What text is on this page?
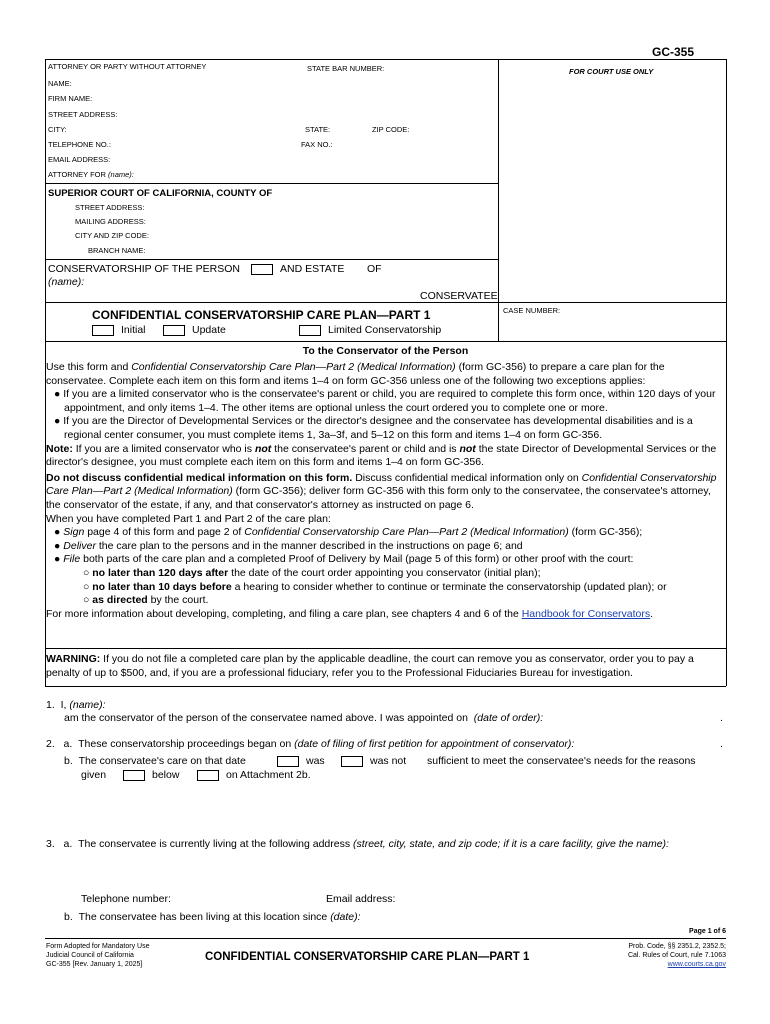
GC-355
ATTORNEY OR PARTY WITHOUT ATTORNEY	STATE BAR NUMBER:	FOR COURT USE ONLY
NAME:
FIRM NAME:
STREET ADDRESS:
CITY:	STATE:	ZIP CODE:
TELEPHONE NO.:	FAX NO.:
EMAIL ADDRESS:
ATTORNEY FOR (name):
SUPERIOR COURT OF CALIFORNIA, COUNTY OF
STREET ADDRESS:
MAILING ADDRESS:
CITY AND ZIP CODE:
BRANCH NAME:
CONSERVATORSHIP OF THE PERSON	AND ESTATE OF
(name):
CONSERVATEE
CONFIDENTIAL CONSERVATORSHIP CARE PLAN—PART 1
Initial	Update	Limited Conservatorship
CASE NUMBER:
To the Conservator of the Person

Use this form and Confidential Conservatorship Care Plan—Part 2 (Medical Information) (form GC-356) to prepare a care plan for the conservatee. Complete each item on this form and items 1–4 on form GC-356 unless one of the following two exceptions applies:

● If you are a limited conservator who is the conservatee's parent or child, you are required to complete this form once, within 120 days of your appointment, and only items 1–4. The other items are optional unless the court ordered you to complete one or more.

● If you are the Director of Developmental Services or the director's designee and the conservatee has developmental disabilities and is a regional center consumer, you must complete items 1, 3a–3f, and 5–12 on this form and items 1–4 on form GC-356.

Note: If you are a limited conservator who is not the conservatee's parent or child and is not the state Director of Developmental Services or the director's designee, you must complete each item on this form and items 1–4 on form GC-356.

Do not discuss confidential medical information on this form. Discuss confidential medical information only on Confidential Conservatorship Care Plan—Part 2 (Medical Information) (form GC-356); deliver form GC-356 with this form only to the conservatee, the conservatee's attorney, the conservator of the estate, if any, and that conservator's attorney as instructed on page 6.

When you have completed Part 1 and Part 2 of the care plan:

● Sign page 4 of this form and page 2 of Confidential Conservatorship Care Plan—Part 2 (Medical Information) (form GC-356);

● Deliver the care plan to the persons and in the manner described in the instructions on page 6; and

● File both parts of the care plan and a completed Proof of Delivery by Mail (page 5 of this form) or other proof with the court:

○ no later than 120 days after the date of the court order appointing you conservator (initial plan);

○ no later than 10 days before a hearing to consider whether to continue or terminate the conservatorship (updated plan); or

○ as directed by the court.

For more information about developing, completing, and filing a care plan, see chapters 4 and 6 of the Handbook for Conservators.

WARNING: If you do not file a completed care plan by the applicable deadline, the court can remove you as conservator, order you to pay a penalty of up to $500, and, if you are a professional fiduciary, refer you to the Professional Fiduciaries Bureau for investigation.
1. I, (name):
am the conservator of the person of the conservatee named above. I was appointed on (date of order):	.
2. a. These conservatorship proceedings began on (date of filing of first petition for appointment of conservator):	.
b. The conservatee's care on that date	was	was not sufficient to meet the conservatee's needs for the reasons
given	below	on Attachment 2b.
3. a. The conservatee is currently living at the following address (street, city, state, and zip code; if it is a care facility, give the name):
Telephone number:	Email address:
b. The conservatee has been living at this location since (date):
Page 1 of 6
Form Adopted for Mandatory Use
Judicial Council of California
GC-355 [Rev. January 1, 2025]
CONFIDENTIAL CONSERVATORSHIP CARE PLAN—PART 1
Prob. Code, §§ 2351.2, 2352.5;
Cal. Rules of Court, rule 7.1063
www.courts.ca.gov
